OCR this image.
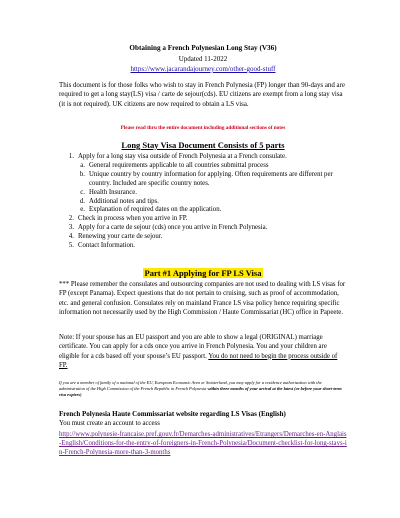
Obtaining a French Polynesian Long Stay (V36)
Updated 11-2022
https://www.jacarandajourney.com/other-good-stuff
This document is for those folks who wish to stay in French Polynesia (FP) longer than 90-days and are required to get a long stay(LS) visa / carte de sejour(cds). EU citizens are exempt from a long stay visa (it is not required). UK citizens are now required to obtain a LS visa.
Please read thru the entire document including additional sections of notes
Long Stay Visa Document Consists of 5 parts
1. Apply for a long stay visa outside of French Polynesia at a French consulate.
a. General requirements applicable to all countries submittal process
b. Unique country by country information for applying. Often requirements are different per country. Included are specific country notes.
c. Health Insurance.
d. Additional notes and tips.
e. Explanation of required dates on the application.
2. Check in process when you arrive in FP.
3. Apply for a carte de sejour (cds) once you arrive in French Polynesia.
4. Renewing your carte de sejour.
5. Contact Information.
Part #1 Applying for FP LS Visa
*** Please remember the consulates and outsourcing companies are not used to dealing with LS visas for FP (except Panama). Expect questions that do not pertain to cruising, such as proof of accommodation, etc. and general confusion. Consulates rely on mainland France LS visa policy hence requiring specific information not necessarily used by the High Commission / Haute Commissariat (HC) office in Papeete.
Note: If your spouse has an EU passport and you are able to show a legal (ORIGINAL) marriage certificate. You can apply for a cds once you arrive in French Polynesia. You and your children are eligible for a cds based off your spouse’s EU passport. You do not need to begin the process outside of FP.
If you are a member of family of a national of the EU, European Economic Area or Switzerland, you may apply for a residence authorization with the administration of the High Commission of the French Republic in French Polynesia within three months of your arrival at the latest (or before your short-term visa expires)
French Polynesia Haute Commissariat website regarding LS Visas (English)
You must create an account to access
http://www.polynesie-francaise.pref.gouv.fr/Demarches-administratives/Etrangers/Demarches-en-Anglais-English/Conditions-for-the-entry-of-foreigners-in-French-Polynesia/Document-checklist-for-long-stays-in-French-Polynesia-more-than-3-months
